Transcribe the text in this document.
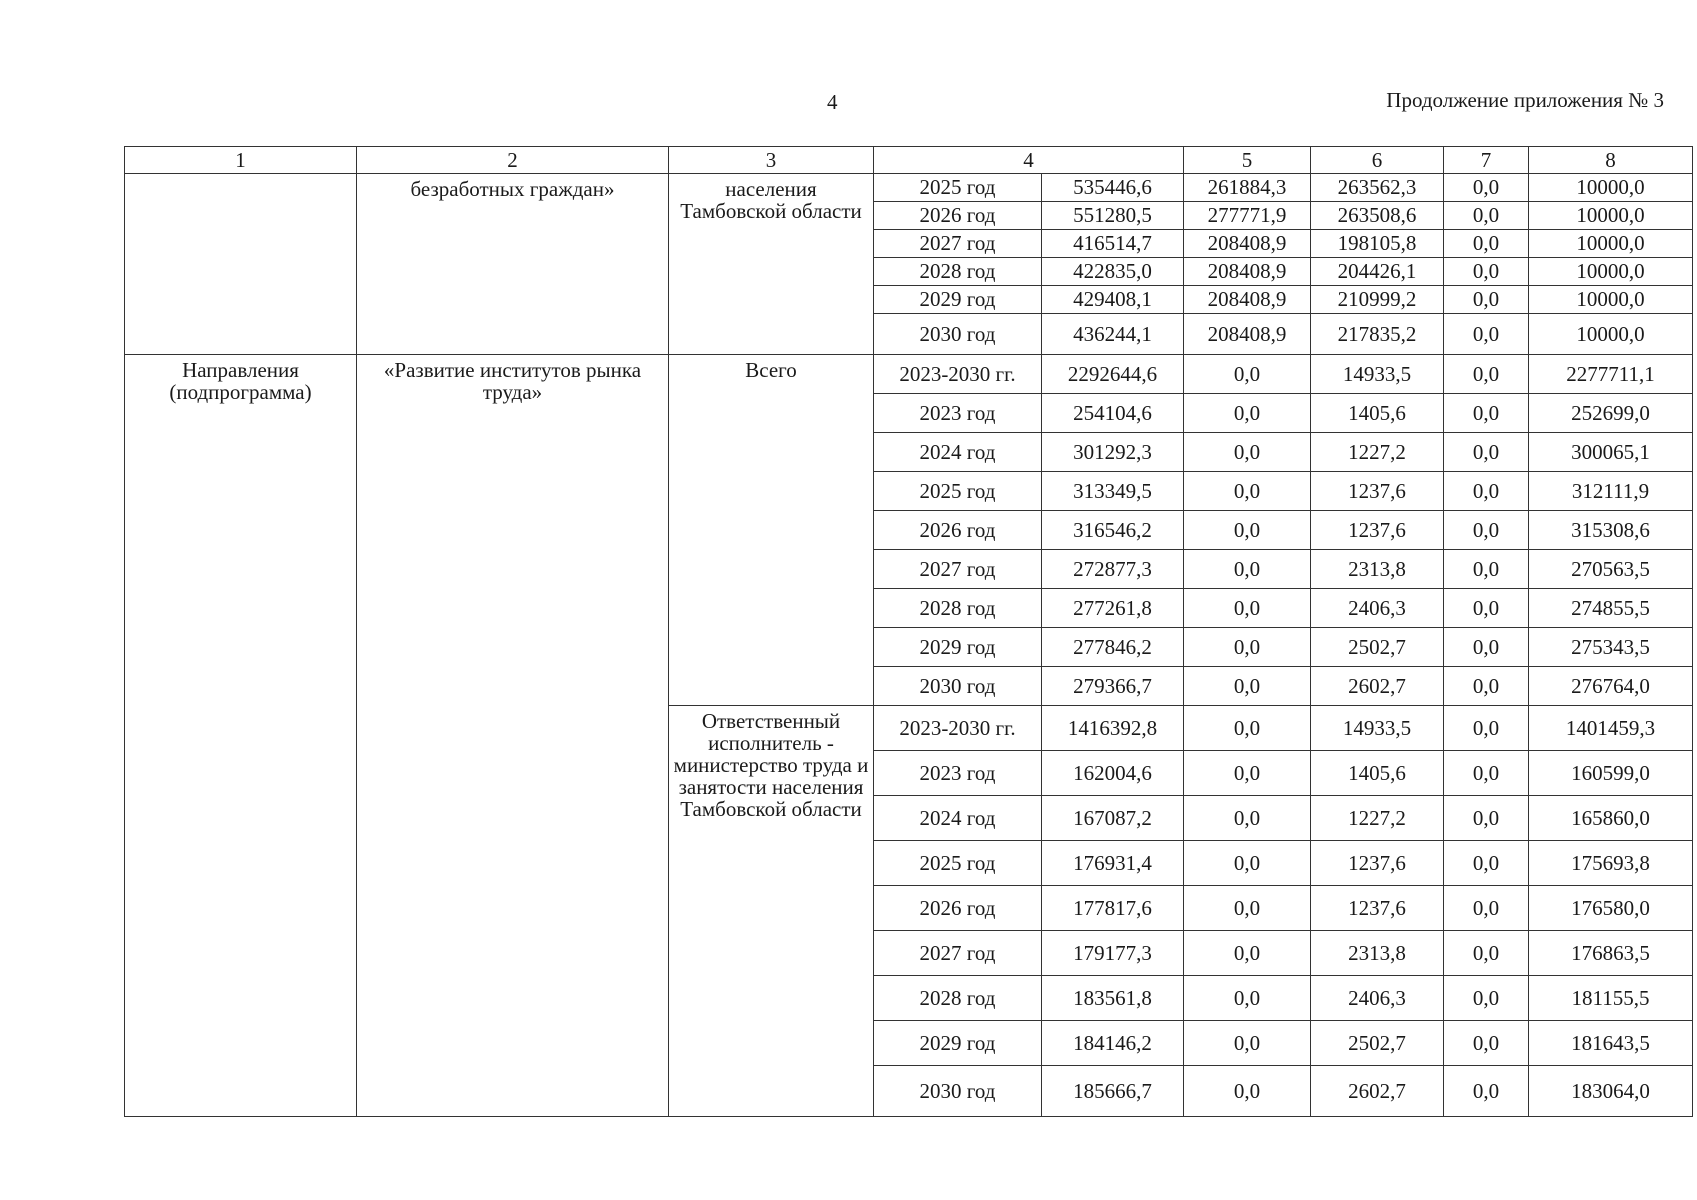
4	Продолжение приложения № 3
1	2	3	4		5	6	7	8
	безработных граждан»	населения Тамбовской области	2025 год	535446,6	261884,3	263562,3	0,0	10000,0
			2026 год	551280,5	277771,9	263508,6	0,0	10000,0
			2027 год	416514,7	208408,9	198105,8	0,0	10000,0
			2028 год	422835,0	208408,9	204426,1	0,0	10000,0
			2029 год	429408,1	208408,9	210999,2	0,0	10000,0
			2030 год	436244,1	208408,9	217835,2	0,0	10000,0
Направления (подпрограмма)	«Развитие институтов рынка труда»	Всего	2023-2030 гг.	2292644,6	0,0	14933,5	0,0	2277711,1
			2023 год	254104,6	0,0	1405,6	0,0	252699,0
			2024 год	301292,3	0,0	1227,2	0,0	300065,1
			2025 год	313349,5	0,0	1237,6	0,0	312111,9
			2026 год	316546,2	0,0	1237,6	0,0	315308,6
			2027 год	272877,3	0,0	2313,8	0,0	270563,5
			2028 год	277261,8	0,0	2406,3	0,0	274855,5
			2029 год	277846,2	0,0	2502,7	0,0	275343,5
			2030 год	279366,7	0,0	2602,7	0,0	276764,0
		Ответственный исполнитель - министерство труда и занятости населения Тамбовской области	2023-2030 гг.	1416392,8	0,0	14933,5	0,0	1401459,3
			2023 год	162004,6	0,0	1405,6	0,0	160599,0
			2024 год	167087,2	0,0	1227,2	0,0	165860,0
			2025 год	176931,4	0,0	1237,6	0,0	175693,8
			2026 год	177817,6	0,0	1237,6	0,0	176580,0
			2027 год	179177,3	0,0	2313,8	0,0	176863,5
			2028 год	183561,8	0,0	2406,3	0,0	181155,5
			2029 год	184146,2	0,0	2502,7	0,0	181643,5
			2030 год	185666,7	0,0	2602,7	0,0	183064,0
